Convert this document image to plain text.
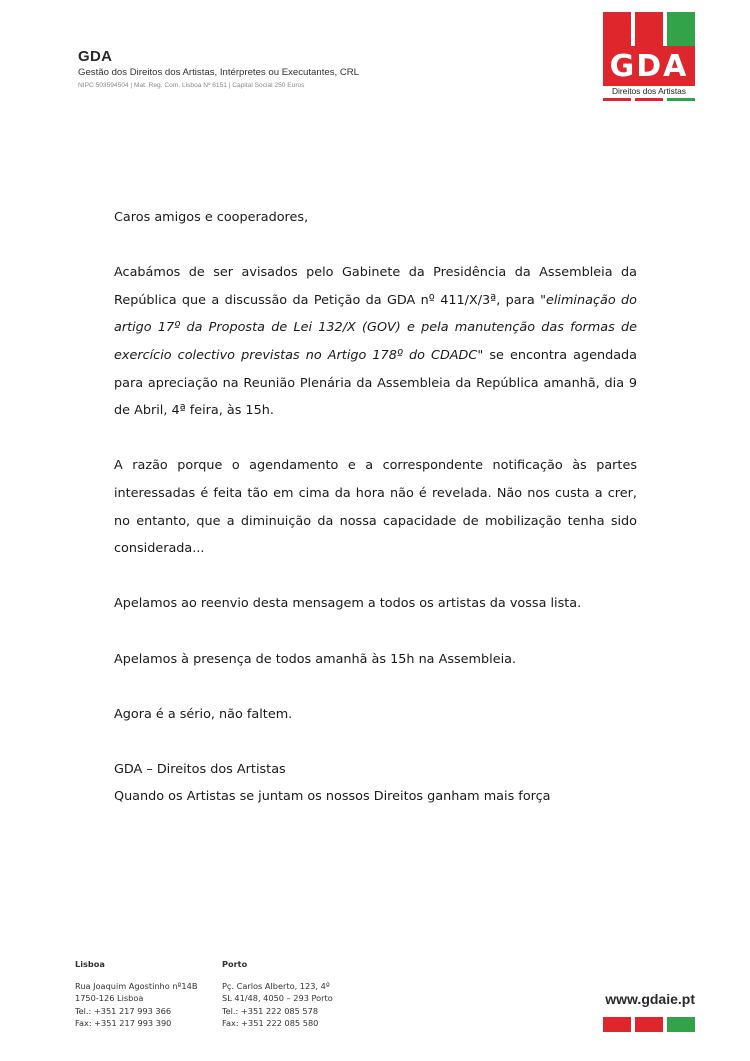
GDA
Gestão dos Direitos dos Artistas, Intérpretes ou Executantes, CRL
NIPC 503594504 | Mat. Reg. Com. Lisboa Nº 6151 | Capital Social 250 Euros
GDA
Direitos dos Artistas

Caros amigos e cooperadores,

Acabámos de ser avisados pelo Gabinete da Presidência da Assembleia da República que a discussão da Petição da GDA nº 411/X/3ª, para "eliminação do artigo 17º da Proposta de Lei 132/X (GOV) e pela manutenção das formas de exercício colectivo previstas no Artigo 178º do CDADC" se encontra agendada para apreciação na Reunião Plenária da Assembleia da República amanhã, dia 9 de Abril, 4ª feira, às 15h.

A razão porque o agendamento e a correspondente notificação às partes interessadas é feita tão em cima da hora não é revelada. Não nos custa a crer, no entanto, que a diminuição da nossa capacidade de mobilização tenha sido considerada...

Apelamos ao reenvio desta mensagem a todos os artistas da vossa lista.

Apelamos à presença de todos amanhã às 15h na Assembleia.

Agora é a sério, não faltem.

GDA – Direitos dos Artistas

Quando os Artistas se juntam os nossos Direitos ganham mais força

Lisboa
Rua Joaquim Agostinho nº14B
1750-126 Lisboa
Tel.: +351 217 993 366
Fax: +351 217 993 390
Porto
Pç. Carlos Alberto, 123, 4º
SL 41/48, 4050 – 293 Porto
Tel.: +351 222 085 578
Fax: +351 222 085 580
www.gdaie.pt
